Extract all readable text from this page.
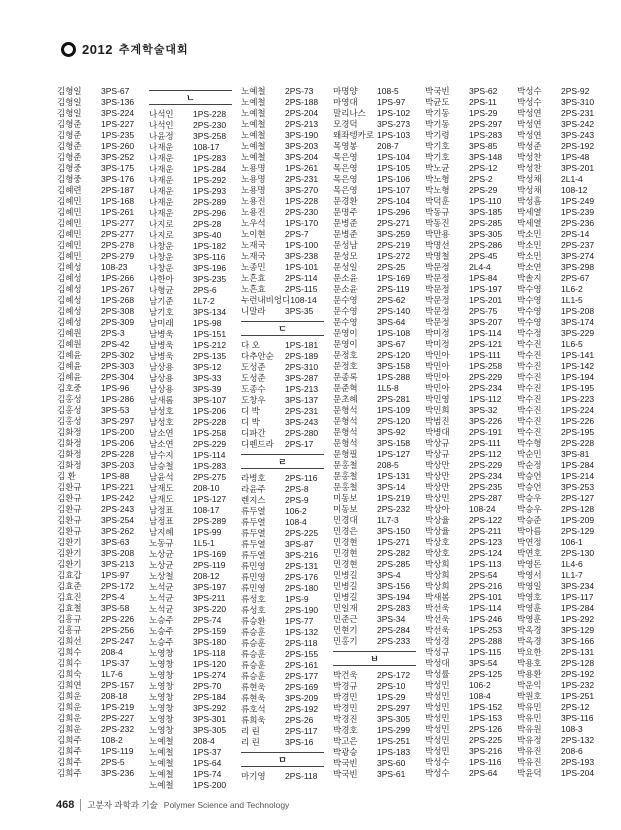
2012 추계학술대회
김형일	3PS-67
김형일	3PS-136
김형일	3PS-224
김형준	1PS-227
김형준	1PS-235
김형준	1PS-260
김형준	3PS-252
김형중	3PS-175
김형중	3PS-176
김혜련	2PS-187
김혜민	1PS-168
김혜민	1PS-261
김혜민	1PS-277
김혜민	2PS-277
김혜민	2PS-278
김혜민	2PS-279
김혜성	108-23
김혜성	1PS-266
김혜성	1PS-267
김혜성	1PS-268
김혜성	2PS-308
김혜성	2PS-309
김혜원	2PS-3
김혜원	2PS-42
김혜윤	2PS-302
김혜윤	2PS-303
김혜윤	2PS-304
김호중	1PS-96
김홍성	1PS-286
김홍성	3PS-53
김홍성	3PS-297
김화정	1PS-200
김화정	1PS-206
김화정	2PS-228
김화정	3PS-203
김 환	1PS-88
김환규	1PS-221
김환규	1PS-242
김환규	2PS-243
김환규	3PS-254
김환규	3PS-262
김환기	3PS-63
김환기	3PS-208
김환기	3PS-213
김효갑	1PS-97
김효준	2PS-172
김효진	2PS-4
김효철	3PS-58
김흥규	2PS-226
김흥규	2PS-256
김희선	2PS-247
김희수	208-4
김희수	1PS-37
김희숙	1L7-6
김희연	2PS-157
김희운	208-18
김희운	1PS-219
김희운	2PS-227
김희운	2PS-232
김희주	108-2
김희주	1PS-119
김희주	2PS-5
김희주	3PS-236
ㄴ
나석인	1PS-228
나석인	2PS-230
나윤정	3PS-258
나재운	108-17
나재운	1PS-283
나재운	1PS-284
나재운	1PS-292
나재운	1PS-293
나재운	2PS-289
나재운	2PS-296
나지로	2PS-28
나지로	3PS-40
나창운	1PS-182
나창운	3PS-116
나창운	3PS-196
나한아	3PS-235
나형균	2PS-6
남기준	1L7-2
남기호	3PS-134
남미래	1PS-98
남병욱	1PS-151
남병욱	1PS-212
남병욱	2PS-135
남상용	3PS-12
남상용	3PS-33
남상용	3PS-39
남새롬	3PS-107
남성호	1PS-206
남성호	2PS-228
남소연	1PS-258
남소연	2PS-229
남수지	1PS-114
남승철	1PS-283
남윤석	2PS-275
남재도	208-10
남재도	1PS-127
남정표	108-17
남정표	2PS-289
남지혜	1PS-99
노동규	1L5-1
노상균	1PS-169
노상균	2PS-119
노상철	208-12
노석균	3PS-197
노석균	3PS-211
노석균	3PS-220
노승주	2PS-74
노승주	2PS-159
노승주	3PS-180
노영창	1PS-118
노영창	1PS-120
노영창	1PS-274
노영창	2PS-70
노영창	2PS-184
노영창	3PS-292
노영창	3PS-301
노영창	3PS-305
노예철	208-4
노예철	1PS-37
노예철	1PS-64
노예철	1PS-74
노예철	1PS-200
노예철	2PS-73
노예철	2PS-188
노예철	2PS-204
노예철	2PS-213
노예철	3PS-190
노예철	3PS-203
노예철	3PS-204
노용명	1PS-261
노용명	2PS-231
노용명	3PS-270
노용진	1PS-228
노용진	2PS-230
노우석	1PS-170
노이현	2PS-7
노재국	1PS-100
노재국	3PS-238
노종민	1PS-101
노흔효	2PS-114
노흔효	2PS-115
누런내비엉디 108-14
니말라	3PS-35
ㄷ
다 오	1PS-181
다추안순	2PS-189
도성준	2PS-310
도성준	3PS-287
도종수	1PS-213
도창우	3PS-137
디 박	2PS-231
디 박	3PS-243
디파간	2PS-280
디펜드라	2PS-17
ㄹ
라병호	2PS-116
라윤주	2PS-8
렌지스	2PS-9
류두열	106-2
류두열	108-4
류두열	2PS-225
류두열	3PS-87
류두열	3PS-216
류민영	2PS-131
류민영	2PS-176
류민영	2PS-180
류성호	1PS-9
류성호	2PS-190
류승환	1PS-77
류승훈	1PS-132
류승훈	2PS-118
류승훈	2PS-155
류승훈	2PS-161
류승훈	2PS-177
류현욱	2PS-169
류현욱	3PS-209
류호석	2PS-192
류희욱	2PS-26
리 린	2PS-117
리 린	3PS-16
ㅁ
마기영	2PS-118
마명양	108-5
마영대	1PS-97
말리나스	1PS-102
모경덕	3PS-273
왜좌텡카로 1PS-103
목영봉	208-7
목은영	1PS-104
목은영	1PS-105
목은영	1PS-106
목은영	1PS-107
문경환	2PS-104
문명주	1PS-296
문병준	2PS-271
문병준	3PS-259
문성남	2PS-219
문성모	1PS-272
문성일	2PS-25
문소윤	1PS-169
문소윤	2PS-119
문수영	2PS-62
문수영	2PS-140
문수영	3PS-64
문영이	1PS-108
문영이	3PS-67
문정호	2PS-120
문정호	3PS-158
문종록	1PS-288
문준혁	1L5-8
문초혜	2PS-281
문형석	1PS-109
문형석	2PS-120
문형석	3PS-92
문형석	3PS-158
문형필	1PS-127
문홍철	208-5
문홍철	1PS-131
문홍철	3PS-14
미동보	1PS-219
미동보	2PS-232
민경대	1L7-3
민경은	3PS-150
민경현	1PS-271
민경현	2PS-282
민경현	2PS-285
민병길	3PS-4
민병길	3PS-156
민병길	3PS-194
민일재	2PS-283
민준근	3PS-34
민현기	2PS-284
민홍기	2PS-233
ㅂ
박건욱	2PS-172
박경규	2PS-10
박경민	1PS-29
박경민	2PS-297
박경진	3PS-305
박경호	1PS-299
박고은	1PS-251
박광승	1PS-183
박국빈	3PS-60
박국빈	3PS-61
박국빈	3PS-62
박균도	2PS-11
박기동	1PS-29
박기동	2PS-297
박기령	1PS-283
박기호	3PS-85
박기호	3PS-148
박노균	2PS-12
박노형	2PS-2
박노형	2PS-29
박덕훈	1PS-110
박동규	3PS-185
박동진	2PS-285
박만용	3PS-305
박명선	2PS-286
박명철	2PS-45
박문정	2L4-4
박문정	1PS-84
박문정	1PS-197
박문정	1PS-201
박문정	2PS-75
박문정	3PS-207
박미정	1PS-114
박미정	2PS-121
박민아	1PS-111
박민아	1PS-258
박민아	2PS-229
박민아	2PS-234
박민영	1PS-112
박민희	3PS-32
박범진	3PS-226
박병대	2PS-191
박상규	2PS-111
박상규	2PS-112
박상만	2PS-229
박상만	2PS-234
박상만	2PS-235
박상민	2PS-287
박상아	108-24
박상율	2PS-122
박상율	2PS-211
박상호	2PS-123
박상호	2PS-124
박상희	1PS-113
박상희	2PS-54
박상희	2PS-216
박새봄	2PS-101
박선욱	1PS-114
박선욱	1PS-246
박선욱	1PS-253
박성경	2PS-288
박성규	1PS-115
박성대	3PS-54
박성률	2PS-125
박성민	106-2
박성민	108-4
박성민	1PS-152
박성민	1PS-153
박성민	2PS-126
박성민	2PS-225
박성민	3PS-216
박성수	1PS-116
박성수	2PS-64
박성수	2PS-92
박성수	3PS-310
박성연	2PS-231
박성연	3PS-242
박성연	3PS-243
박성준	2PS-192
박성찬	1PS-48
박성찬	3PS-201
박성채	2L1-4
박성채	108-12
박성흠	1PS-249
박세열	1PS-239
박세열	2PS-236
박소민	2PS-14
박소민	2PS-237
박소민	3PS-274
박소연	3PS-298
박솔지	2PS-67
박수영	1L6-2
박수영	1L1-5
박수영	1PS-208
박수영	3PS-174
박수정	3PS-229
박수진	1L6-5
박수진	1PS-141
박수진	1PS-142
박수진	1PS-194
박수진	1PS-195
박수진	1PS-223
박수진	1PS-224
박수진	1PS-226
박수진	2PS-195
박수형	2PS-228
박순민	3PS-81
박순정	1PS-284
박승언	1PS-214
박승언	3PS-253
박승우	2PS-127
박승우	2PS-128
박승준	1PS-209
박아름	2PS-129
박연정	106-1
박연호	2PS-130
박영돈	1L4-6
박영서	1L1-7
박영일	3PS-234
박영호	1PS-117
박영훈	1PS-284
박영훈	1PS-292
박옥경	3PS-129
박옥경	3PS-166
박요한	2PS-131
박용호	2PS-128
박용환	2PS-192
박운익	1PS-232
박원호	1PS-251
박유민	2PS-12
박유민	3PS-116
박유원	108-3
박유정	2PS-132
박유진	208-6
박유진	2PS-193
박윤덕	1PS-204
468 고분자 과학과 기술 Polymer Science and Technology
